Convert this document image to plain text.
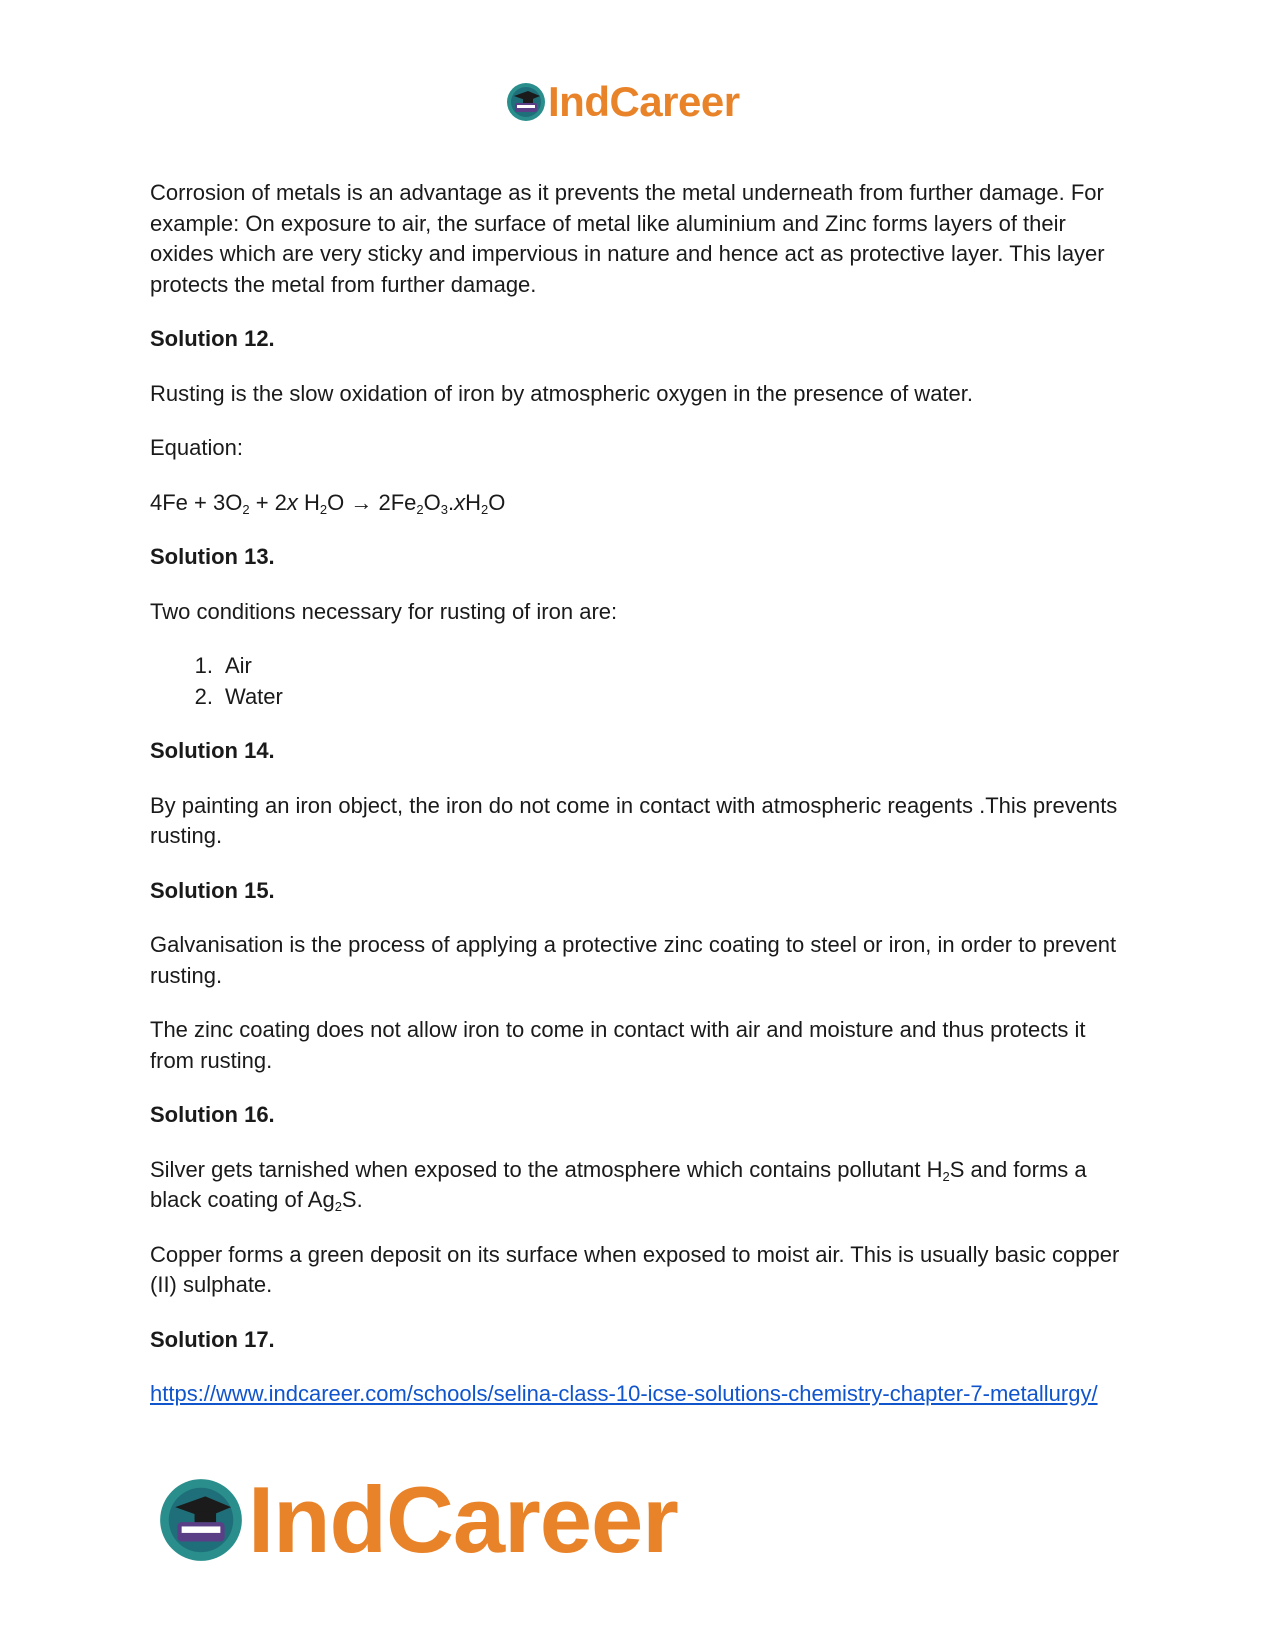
IndCareer

Corrosion of metals is an advantage as it prevents the metal underneath from further damage. For example: On exposure to air, the surface of metal like aluminium and Zinc forms layers of their oxides which are very sticky and impervious in nature and hence act as protective layer. This layer protects the metal from further damage.

Solution 12.

Rusting is the slow oxidation of iron by atmospheric oxygen in the presence of water.

Equation:

$4Fe + 3O_2 + 2x$ $H_2O \to 2Fe_2O_3.xH_2O$

Solution 13.

Two conditions necessary for rusting of iron are:

1. Air
2. Water

Solution 14.

By painting an iron object, the iron do not come in contact with atmospheric reagents .This prevents rusting.

Solution 15.

Galvanisation is the process of applying a protective zinc coating to steel or iron, in order to prevent rusting.

The zinc coating does not allow iron to come in contact with air and moisture and thus protects it from rusting.

Solution 16.

Silver gets tarnished when exposed to the atmosphere which contains pollutant $H_2S$ and forms a black coating of $Ag_2S$.

Copper forms a green deposit on its surface when exposed to moist air. This is usually basic copper (II) sulphate.

Solution 17.

https://www.indcareer.com/schools/selina-class-10-icse-solutions-chemistry-chapter-7-metallurgy/

IndCareer
